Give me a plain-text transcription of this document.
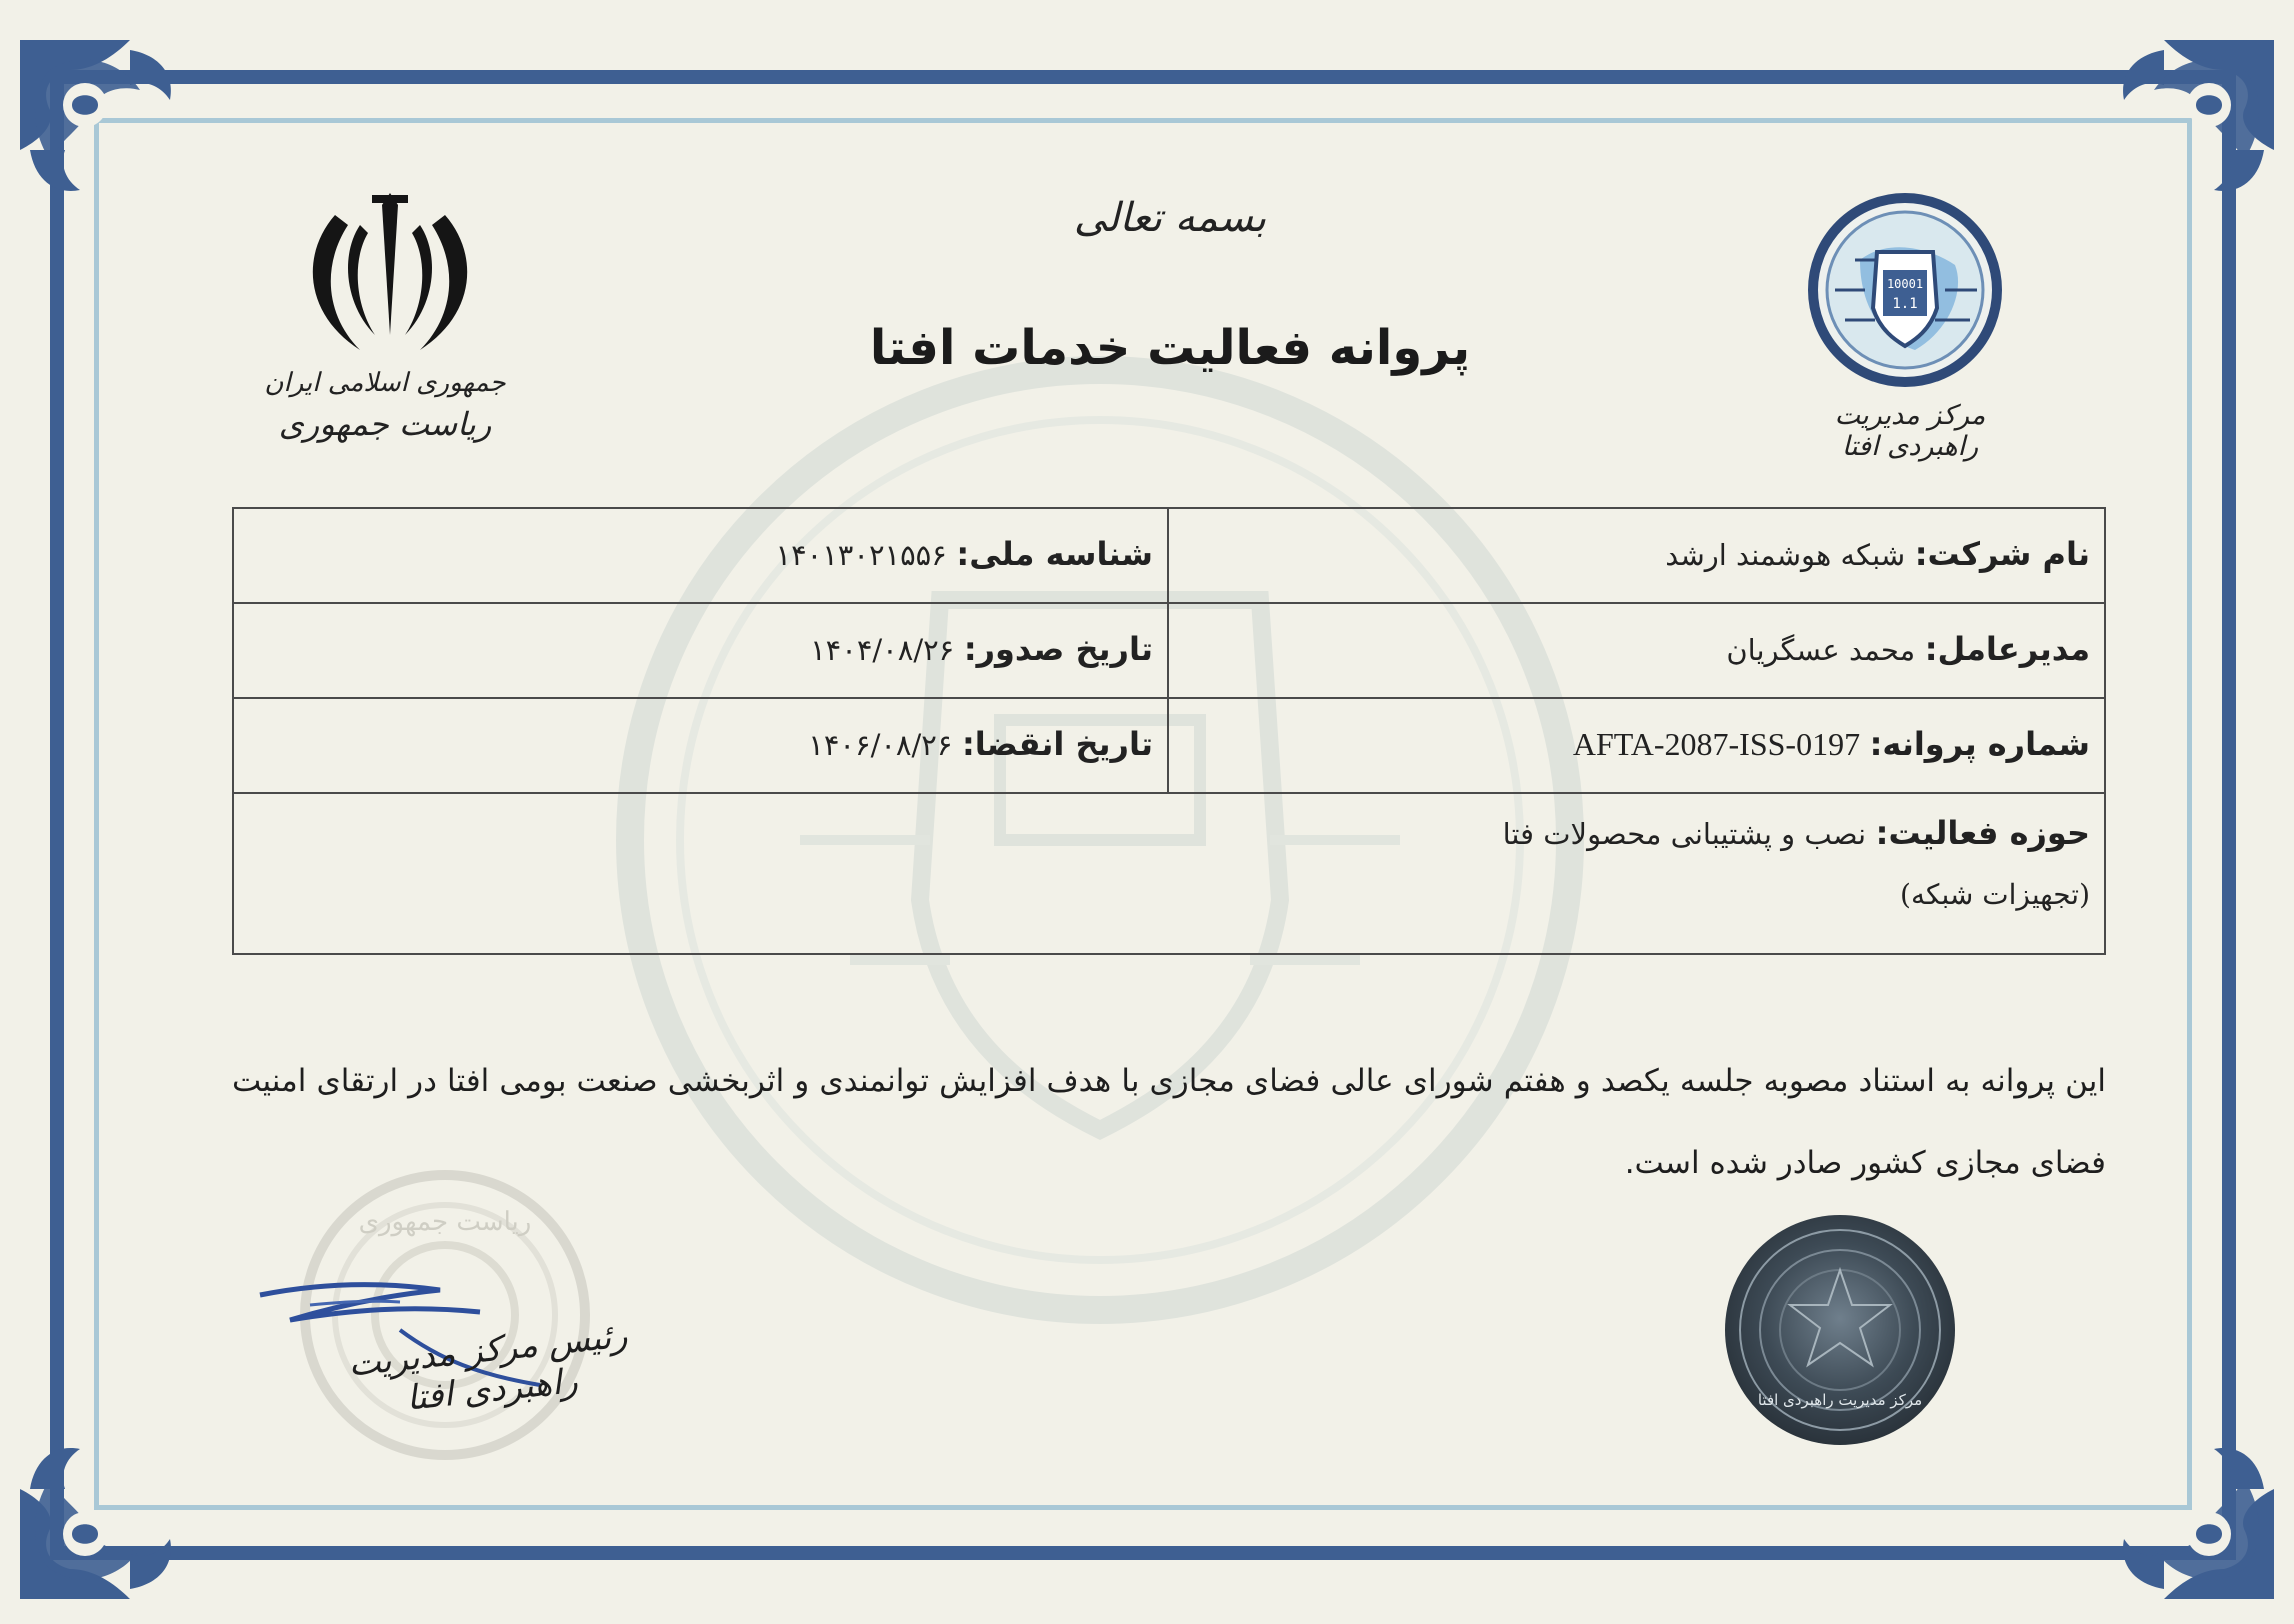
بسمه تعالی
پروانه فعالیت خدمات افتا
جمهوری اسلامی ایران
ریاست جمهوری
10001
1.1
مرکز مدیریت راهبردی افتا
نام شرکت: شبکه هوشمند ارشد
شناسه ملی: ۱۴۰۱۳۰۲۱۵۵۶
مدیرعامل: محمد عسگریان
تاریخ صدور: ۱۴۰۴/۰۸/۲۶
شماره پروانه: AFTA-2087-ISS-0197
تاریخ انقضا: ۱۴۰۶/۰۸/۲۶
حوزه فعالیت: نصب و پشتیبانی محصولات فتا
(تجهیزات شبکه)
این پروانه به استناد مصوبه جلسه یکصد و هفتم شورای عالی فضای مجازی با هدف افزایش توانمندی و اثربخشی صنعت بومی افتا در ارتقای امنیت فضای مجازی کشور صادر شده است.
ریاست جمهوری
رئیس مرکز مدیریت راهبردی افتا	مرکز مدیریت راهبردی افتا
